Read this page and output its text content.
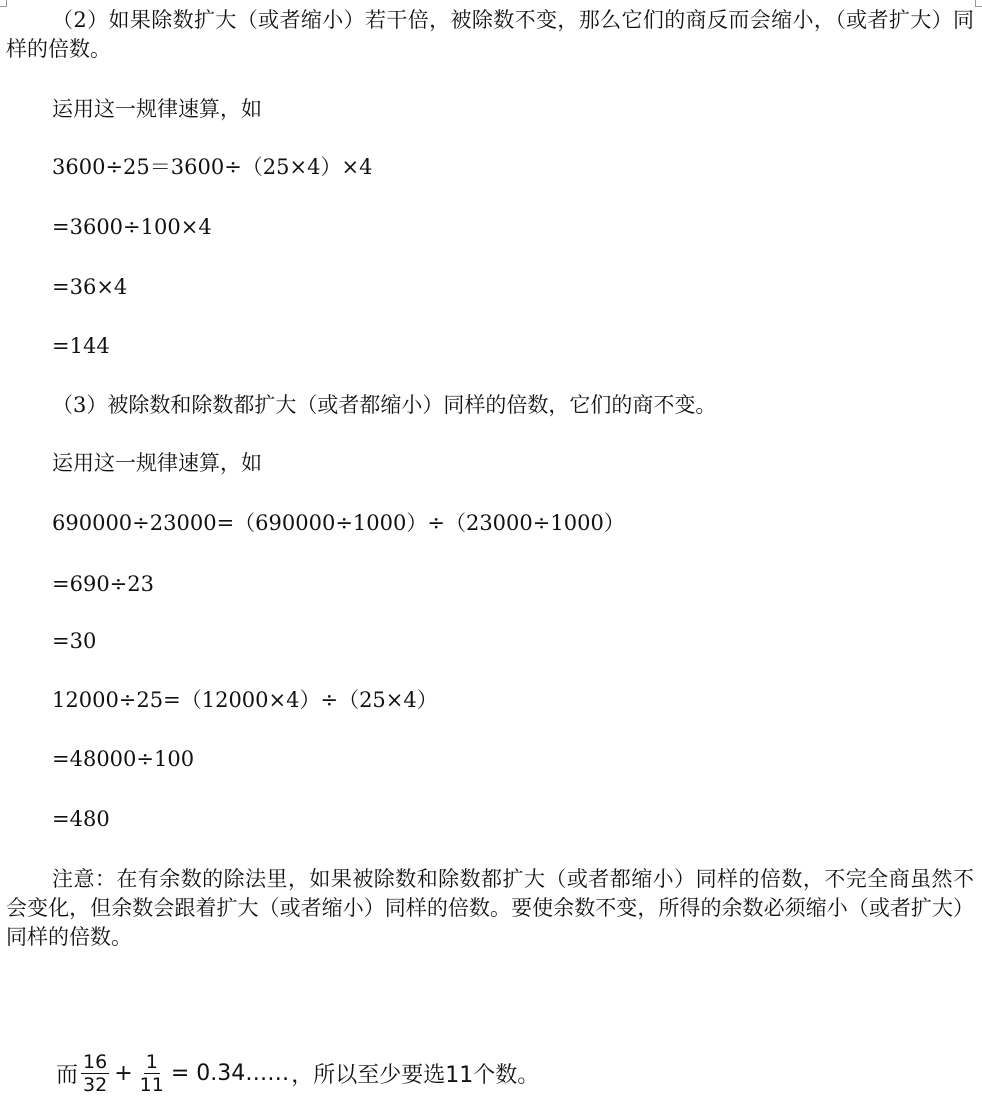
（2）如果除数扩大（或者缩小）若干倍，被除数不变，那么它们的商反而会缩小，（或者扩大）同样的倍数。
运用这一规律速算，如
3600÷25＝3600÷（25×4）×4
=3600÷100×4
=36×4
=144
（3）被除数和除数都扩大（或者都缩小）同样的倍数，它们的商不变。
运用这一规律速算，如
690000÷23000=（690000÷1000）÷（23000÷1000）
=690÷23
=30
12000÷25=（12000×4）÷（25×4）
=48000÷100
=480
注意：在有余数的除法里，如果被除数和除数都扩大（或者都缩小）同样的倍数，不完全商虽然不会变化，但余数会跟着扩大（或者缩小）同样的倍数。要使余数不变，所得的余数必须缩小（或者扩大）同样的倍数。
而 $\frac{16}{32} + \frac{1}{11}$ = 0.34…… ，所以至少要选11个数。
